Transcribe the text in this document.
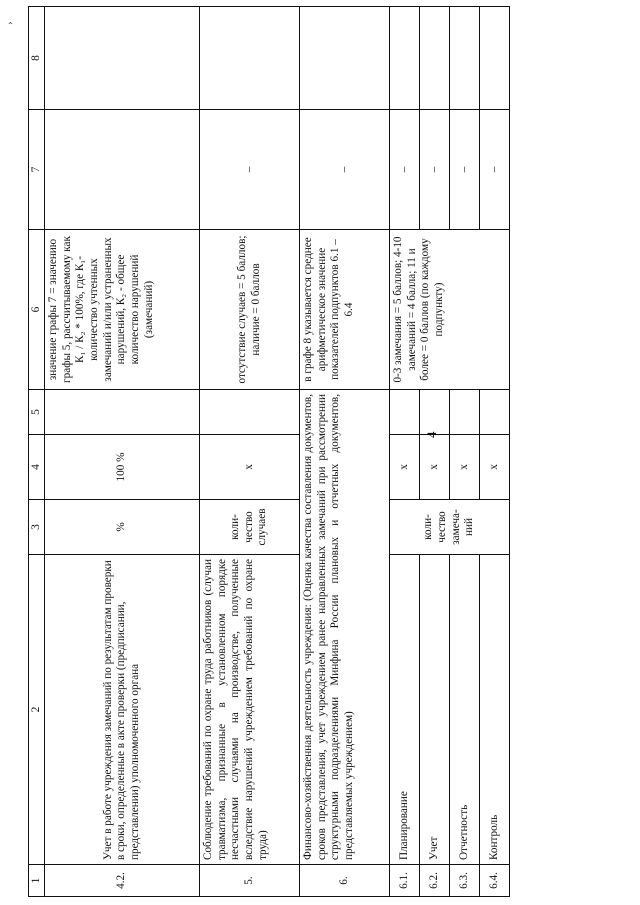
›
4
1	2	3	4	5	6	7	8
4.2.	Учет в работе учреждения замечаний по результатам проверки в сроки, определенные в акте проверки (предписании, представлении) уполномоченного органа	%	100 %		значение графы 7 = значению графы 5, рассчитываемому как К₁ / К₂ * 100%, где К₁- количество учтенных замечаний и/или устраненных нарушений, К₂ - общее количество нарушений (замечаний)		
5.	Соблюдение требований по охране труда работников (случаи травматизма, признанные в установленном порядке несчастными случаями на производстве, полученные вследствие нарушений учреждением требований по охране труда)	коли-чество случаев	х		отсутствие случаев = 5 баллов; наличие = 0 баллов	–	
6.	Финансово-хозяйственная деятельность учреждения: (Оценка качества составления документов, сроков представления, учет учреждением ранее направленных замечаний при рассмотрении структурными подразделениями Минфина России плановых и отчетных документов, представляемых учреждением)				в графе 8 указывается среднее арифметическое значение показателей подпунктов 6.1 –6.4	–	
6.1.	Планирование	коли-чество замеча-ний	х		0-3 замечания = 5 баллов; 4-10 замечаний = 4 балла; 11 и более = 0 баллов (по каждому подпункту)	–	
6.2.	Учет		х			–	
6.3.	Отчетность		х			–	
6.4.	Контроль		х			–	
